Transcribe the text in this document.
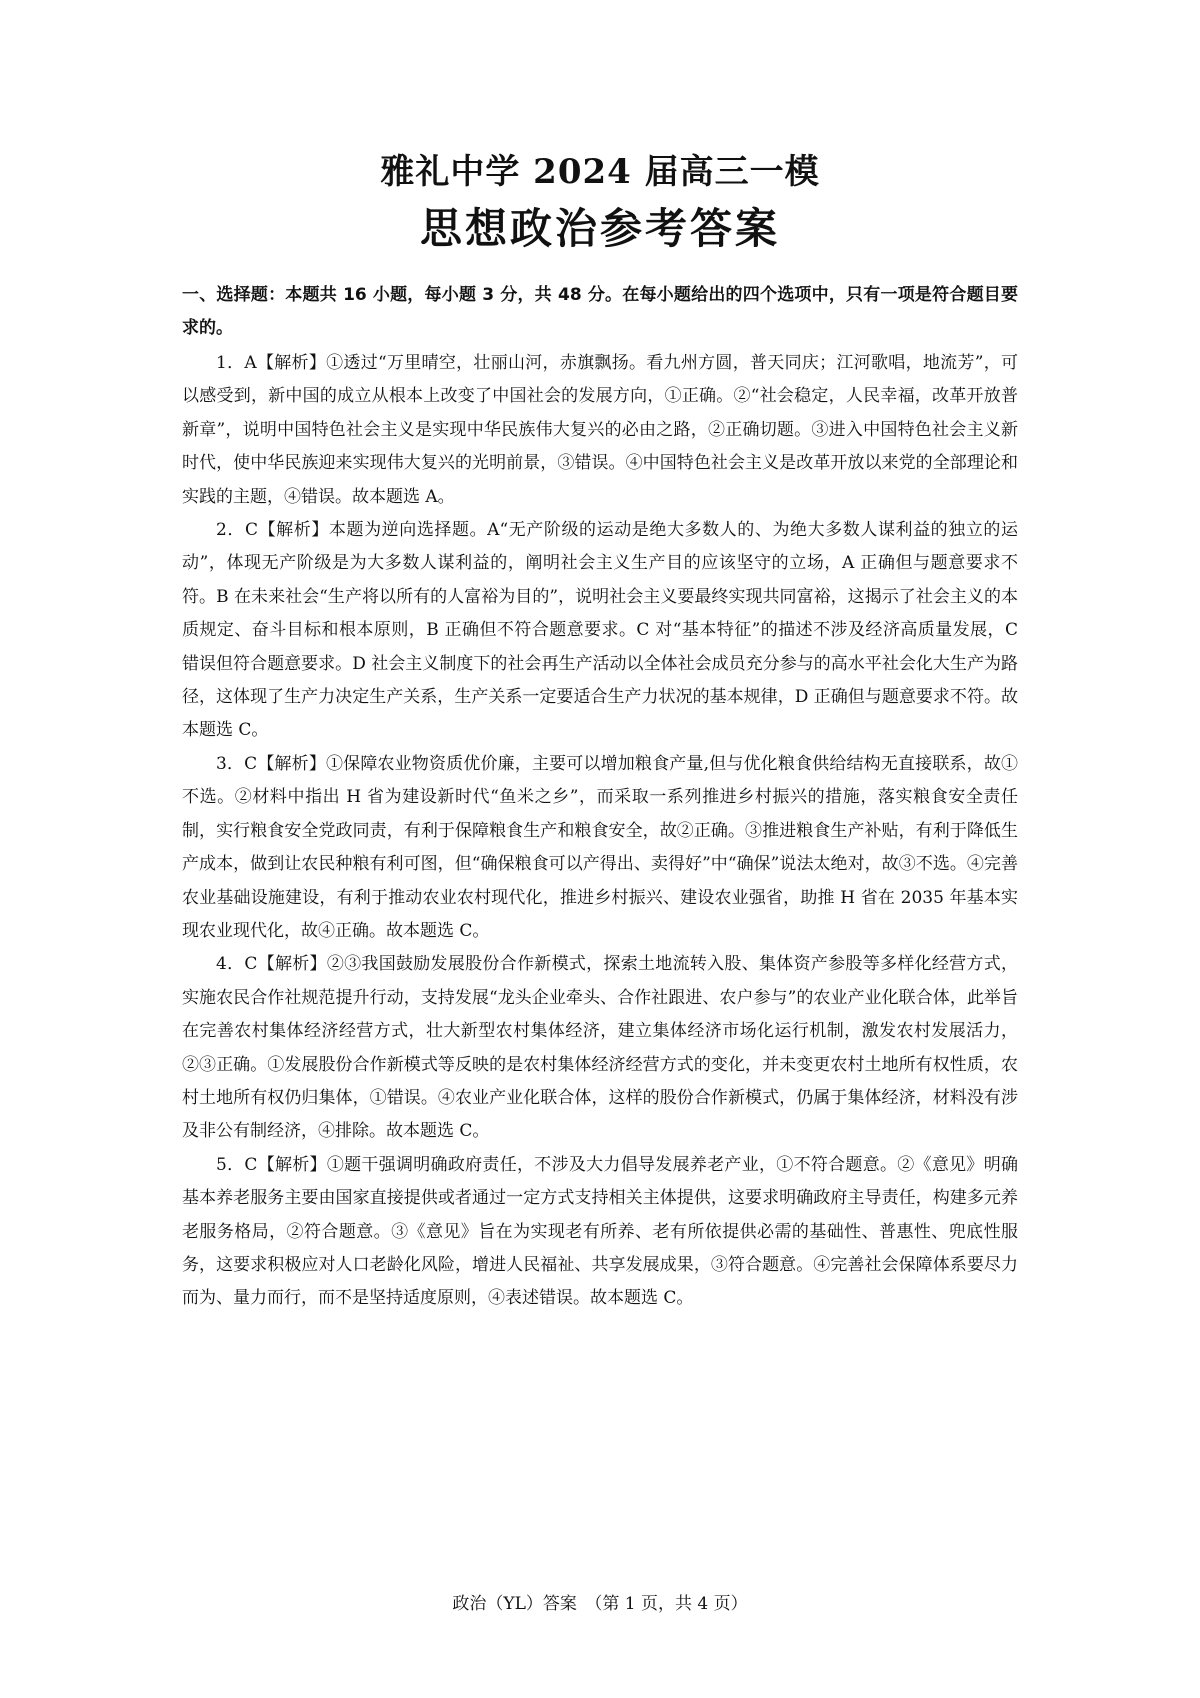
雅礼中学 2024 届高三一模
思想政治参考答案

一、选择题：本题共 16 小题，每小题 3 分，共 48 分。在每小题给出的四个选项中，只有一项是符合题目要求的。

1．A【解析】①透过“万里晴空，壮丽山河，赤旗飘扬。看九州方圆，普天同庆；江河歌唱，地流芳”，可以感受到，新中国的成立从根本上改变了中国社会的发展方向，①正确。②“社会稳定，人民幸福，改革开放普新章”，说明中国特色社会主义是实现中华民族伟大复兴的必由之路，②正确切题。③进入中国特色社会主义新时代，使中华民族迎来实现伟大复兴的光明前景，③错误。④中国特色社会主义是改革开放以来党的全部理论和实践的主题，④错误。故本题选 A。

2．C【解析】本题为逆向选择题。A“无产阶级的运动是绝大多数人的、为绝大多数人谋利益的独立的运动”，体现无产阶级是为大多数人谋利益的，阐明社会主义生产目的应该坚守的立场，A 正确但与题意要求不符。B 在未来社会“生产将以所有的人富裕为目的”，说明社会主义要最终实现共同富裕，这揭示了社会主义的本质规定、奋斗目标和根本原则，B 正确但不符合题意要求。C 对“基本特征”的描述不涉及经济高质量发展，C 错误但符合题意要求。D 社会主义制度下的社会再生产活动以全体社会成员充分参与的高水平社会化大生产为路径，这体现了生产力决定生产关系，生产关系一定要适合生产力状况的基本规律，D 正确但与题意要求不符。故本题选 C。

3．C【解析】①保障农业物资质优价廉，主要可以增加粮食产量,但与优化粮食供给结构无直接联系，故①不选。②材料中指出 H 省为建设新时代“鱼米之乡”，而采取一系列推进乡村振兴的措施，落实粮食安全责任制，实行粮食安全党政同责，有利于保障粮食生产和粮食安全，故②正确。③推进粮食生产补贴，有利于降低生产成本，做到让农民种粮有利可图，但“确保粮食可以产得出、卖得好”中“确保”说法太绝对，故③不选。④完善农业基础设施建设，有利于推动农业农村现代化，推进乡村振兴、建设农业强省，助推 H 省在 2035 年基本实现农业现代化，故④正确。故本题选 C。

4．C【解析】②③我国鼓励发展股份合作新模式，探索土地流转入股、集体资产参股等多样化经营方式，实施农民合作社规范提升行动，支持发展“龙头企业牵头、合作社跟进、农户参与”的农业产业化联合体，此举旨在完善农村集体经济经营方式，壮大新型农村集体经济，建立集体经济市场化运行机制，激发农村发展活力，②③正确。①发展股份合作新模式等反映的是农村集体经济经营方式的变化，并未变更农村土地所有权性质，农村土地所有权仍归集体，①错误。④农业产业化联合体，这样的股份合作新模式，仍属于集体经济，材料没有涉及非公有制经济，④排除。故本题选 C。

5．C【解析】①题干强调明确政府责任，不涉及大力倡导发展养老产业，①不符合题意。②《意见》明确基本养老服务主要由国家直接提供或者通过一定方式支持相关主体提供，这要求明确政府主导责任，构建多元养老服务格局，②符合题意。③《意见》旨在为实现老有所养、老有所依提供必需的基础性、普惠性、兜底性服务，这要求积极应对人口老龄化风险，增进人民福祉、共享发展成果，③符合题意。④完善社会保障体系要尽力而为、量力而行，而不是坚持适度原则，④表述错误。故本题选 C。

政治（YL）答案　（第 1 页，共 4 页）
